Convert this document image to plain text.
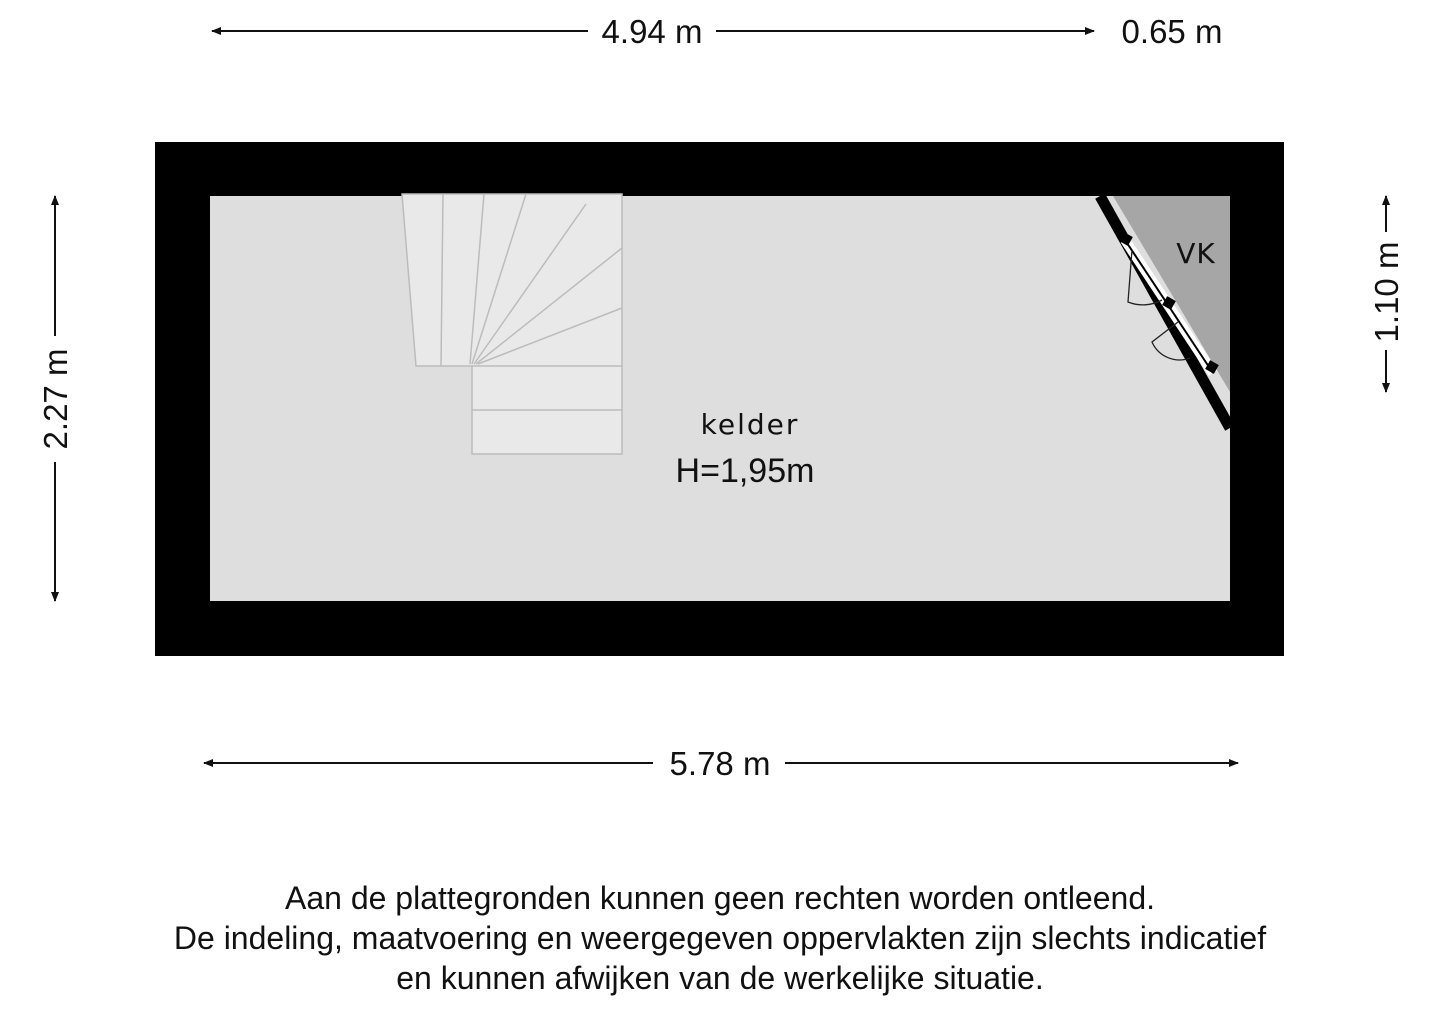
4.94 m	0.65 m
2.27 m
1.10 m
kelder
H=1,95m
VK
5.78 m
Aan de plattegronden kunnen geen rechten worden ontleend.
De indeling, maatvoering en weergegeven oppervlakten zijn slechts indicatief
en kunnen afwijken van de werkelijke situatie.
